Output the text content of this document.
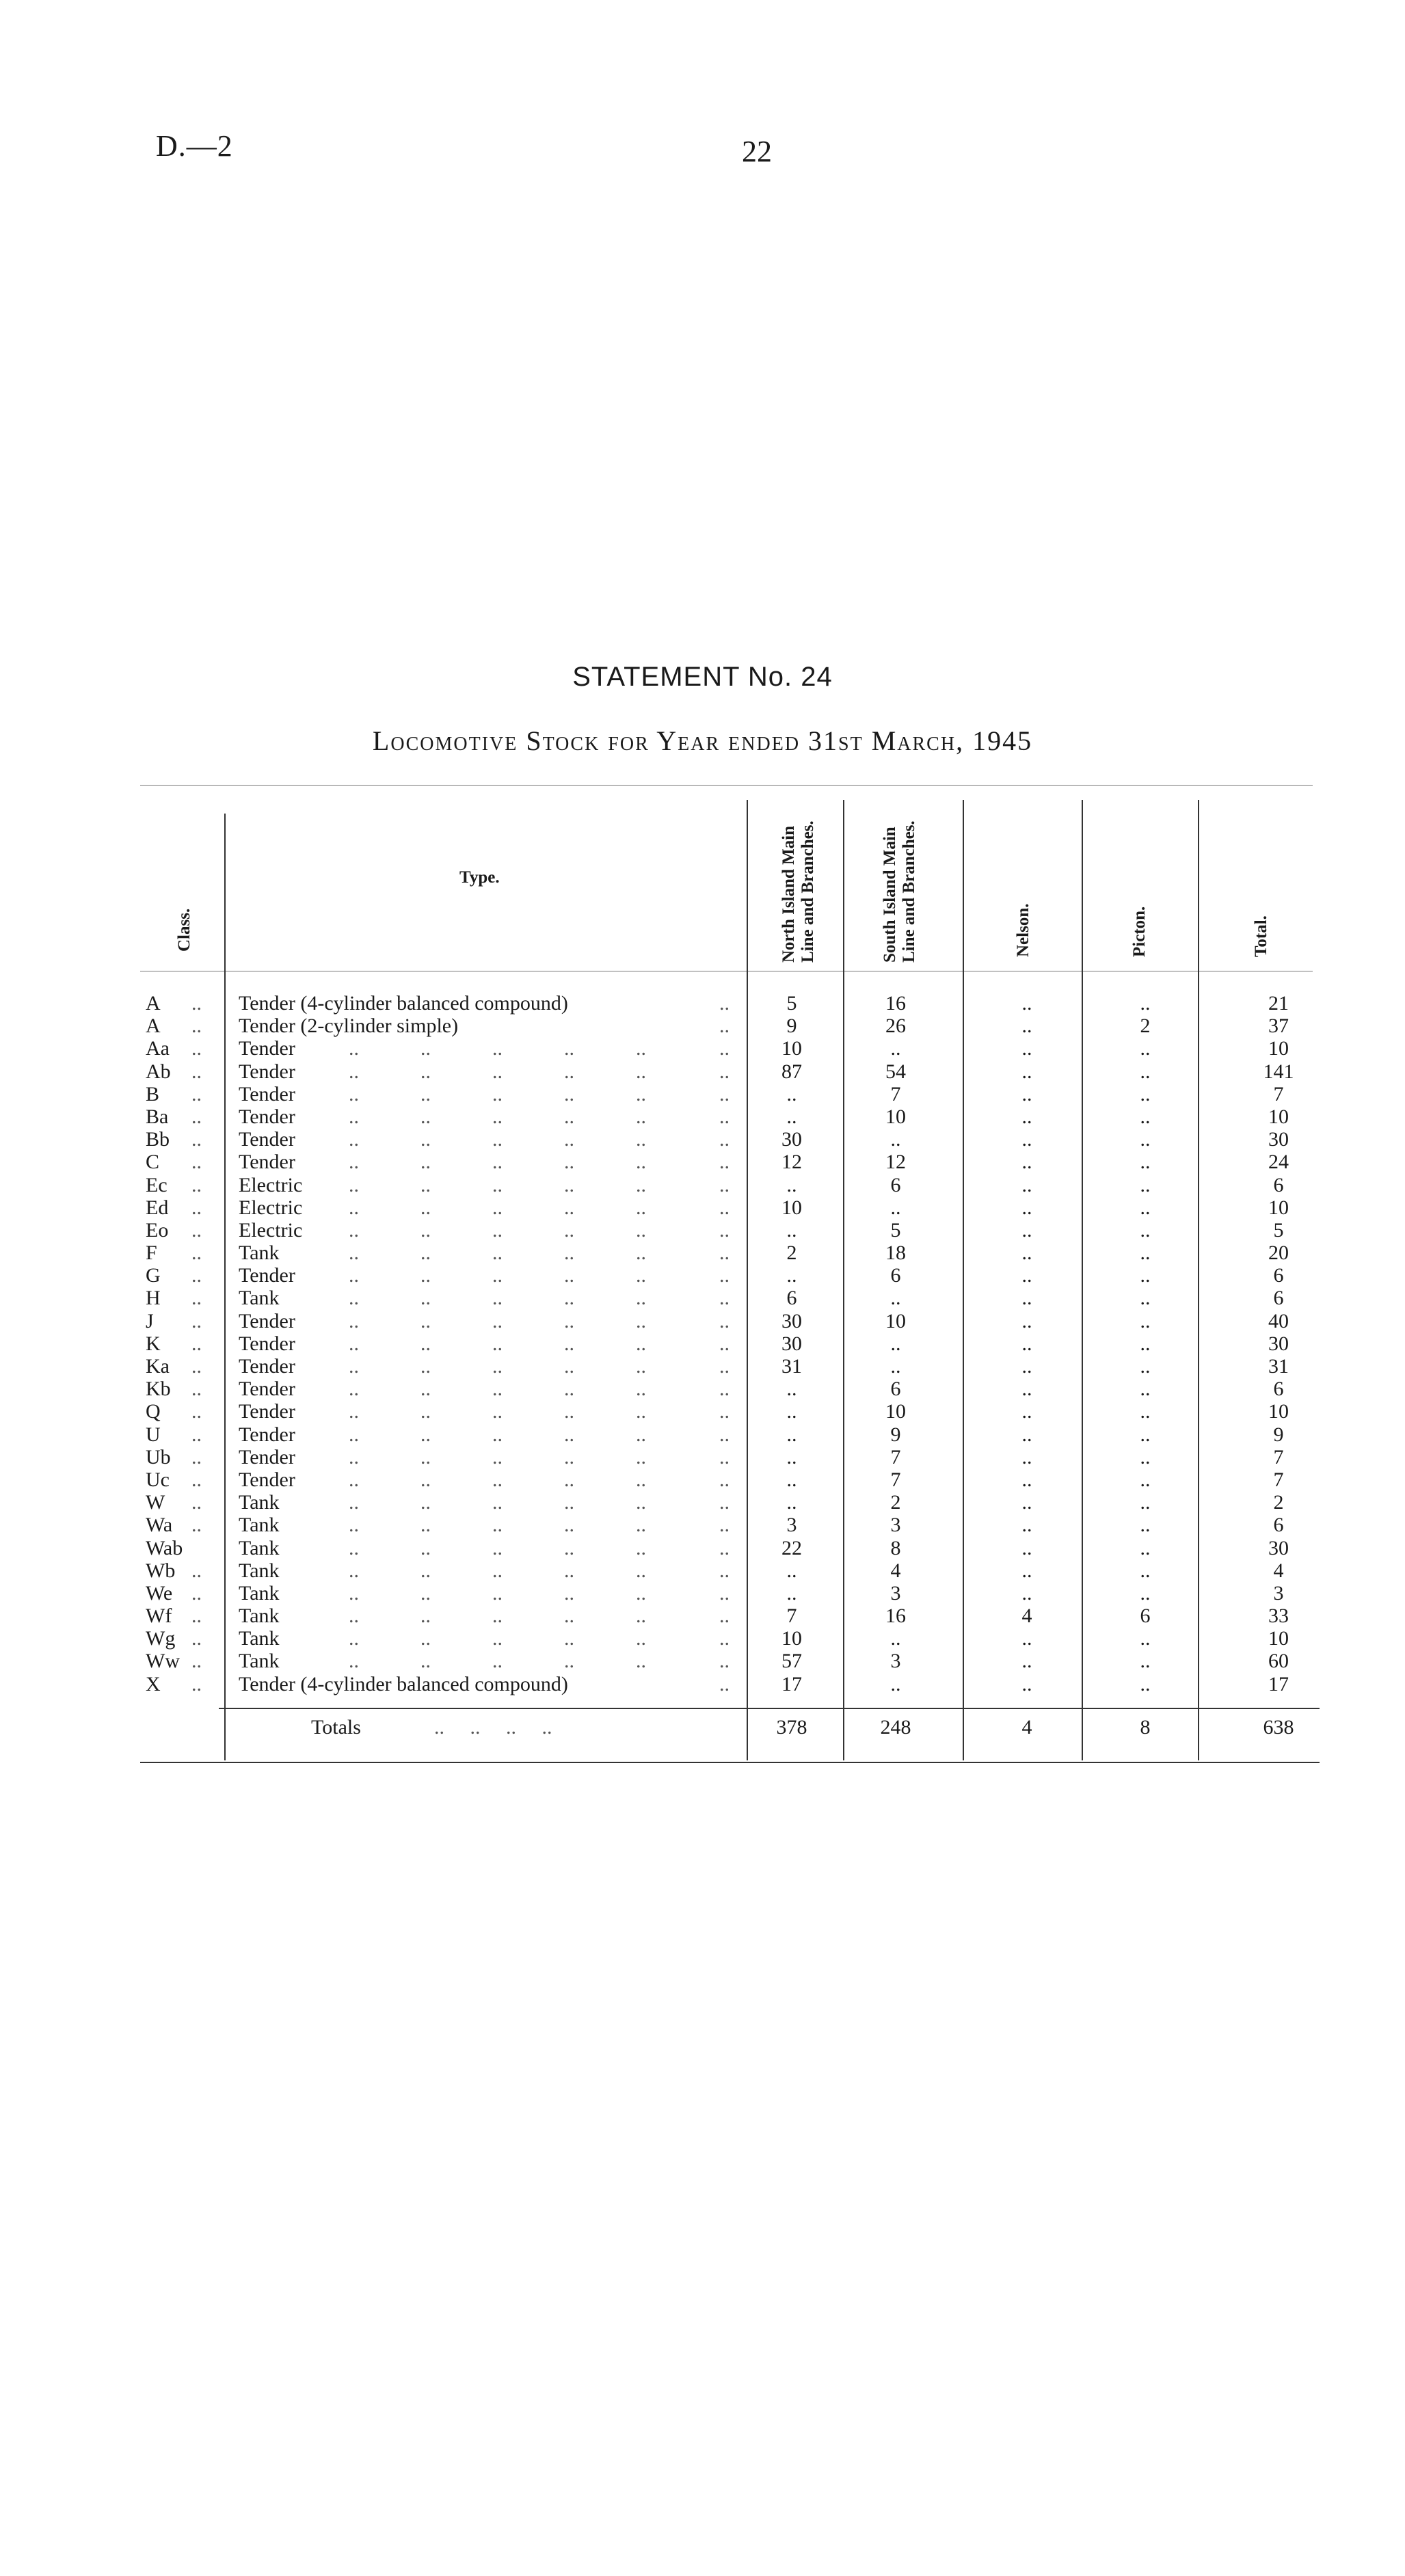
D.—2	22
STATEMENT No. 24
Locomotive Stock for Year ended 31st March, 1945
Class.
Type.	North Island Main Line and Branches.	South Island Main Line and Branches.	Nelson.	Picton.	Total.
A	Tender (4-cylinder balanced compound)	5	16	..	..	21
..	..
A	Tender (2-cylinder simple)	9	26	..	2	37
..	..
Aa	Tender	10	..	..	..	10
..	..
..   ..   ..   ..   ..
Ab	Tender	87	54	..	..	141
..	..
..   ..   ..   ..   ..
B	Tender	..	7	..	..	7
..	..
..   ..   ..   ..   ..
Ba	Tender	..	10	..	..	10
..	..
..   ..   ..   ..   ..
Bb	Tender	30	..	..	..	30
..	..
..   ..   ..   ..   ..
C	Tender	12	12	..	..	24
..	..
..   ..   ..   ..   ..
Ec	Electric	..	6	..	..	6
..	..
..   ..   ..   ..   ..
Ed	Electric	10	..	..	..	10
..	..
..   ..   ..   ..   ..
Eo	Electric	..	5	..	..	5
..	..
..   ..   ..   ..   ..
F	Tank	2	18	..	..	20
..	..
..   ..   ..   ..   ..
G	Tender	..	6	..	..	6
..	..
..   ..   ..   ..   ..
H	Tank	6	..	..	..	6
..	..
..   ..   ..   ..   ..
J	Tender	30	10	..	..	40
..	..
..   ..   ..   ..   ..
K	Tender	30	..	..	..	30
..	..
..   ..   ..   ..   ..
Ka	Tender	31	..	..	..	31
..	..
..   ..   ..   ..   ..
Kb	Tender	..	6	..	..	6
..	..
..   ..   ..   ..   ..
Q	Tender	..	10	..	..	10
..	..
..   ..   ..   ..   ..
U	Tender	..	9	..	..	9
..	..
..   ..   ..   ..   ..
Ub	Tender	..	7	..	..	7
..	..
..   ..   ..   ..   ..
Uc	Tender	..	7	..	..	7
..	..
..   ..   ..   ..   ..
W	Tank	..	2	..	..	2
..	..
..   ..   ..   ..   ..
Wa	Tank	3	3	..	..	6
..	..
..   ..   ..   ..   ..
Wab	Tank	22	8	..	..	30
..
..   ..   ..   ..   ..
Wb	Tank	..	4	..	..	4
..	..
..   ..   ..   ..   ..
We	Tank	..	3	..	..	3
..	..
..   ..   ..   ..   ..
Wf	Tank	7	16	4	6	33
..	..
..   ..   ..   ..   ..
Wg	Tank	10	..	..	..	10
..	..
..   ..   ..   ..   ..
Ww	Tank	57	3	..	..	60
..	..
..   ..   ..   ..   ..
X	Tender (4-cylinder balanced compound)	17	..	..	..	17
..	..
Totals	..     ..     ..     ..	378	248	4	8	638
